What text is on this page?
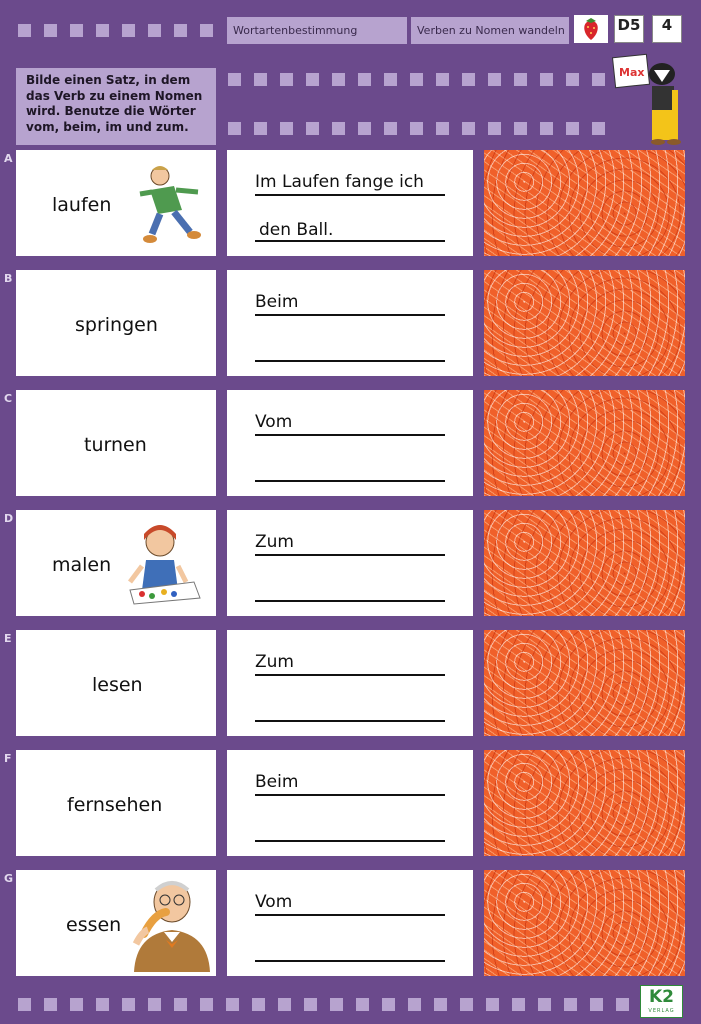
Wortartenbestimmung	Verben zu Nomen wandeln	D5	4
Bilde einen Satz, in dem das Verb zu einem Nomen wird. Benutze die Wörter vom, beim, im und zum.
Max
A
laufen
Im Laufen fange ich
den Ball.
B
springen
Beim
C
turnen
Vom
D
malen
Zum
E
lesen
Zum
F
fernsehen
Beim
G
essen
Vom
K2
VERLAG
